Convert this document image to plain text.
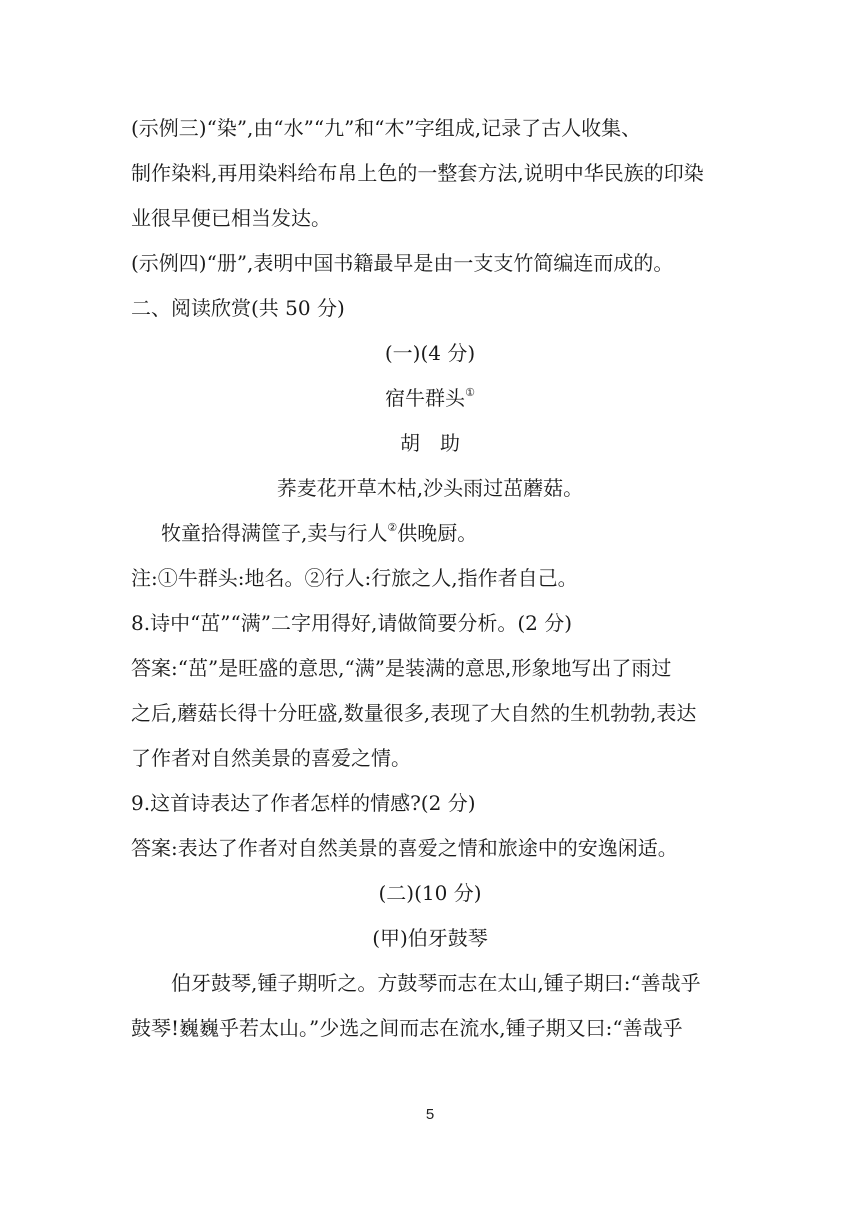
(示例三)“染”,由“水”“九”和“木”字组成,记录了古人收集、
制作染料,再用染料给布帛上色的一整套方法,说明中华民族的印染
业很早便已相当发达。
(示例四)“册”,表明中国书籍最早是由一支支竹简编连而成的。
二、阅读欣赏(共 50 分)
(一)(4 分)
宿牛群头①
胡　助
荞麦花开草木枯,沙头雨过茁蘑菇。
牧童拾得满筐子,卖与行人②供晚厨。
注:①牛群头:地名。②行人:行旅之人,指作者自己。
8.诗中“茁”“满”二字用得好,请做简要分析。(2 分)
答案:“茁”是旺盛的意思,“满”是装满的意思,形象地写出了雨过
之后,蘑菇长得十分旺盛,数量很多,表现了大自然的生机勃勃,表达
了作者对自然美景的喜爱之情。
9.这首诗表达了作者怎样的情感?(2 分)
答案:表达了作者对自然美景的喜爱之情和旅途中的安逸闲适。
(二)(10 分)
(甲)伯牙鼓琴
伯牙鼓琴,锺子期听之。方鼓琴而志在太山,锺子期曰:“善哉乎
鼓琴!巍巍乎若太山。”少选之间而志在流水,锺子期又曰:“善哉乎
5
